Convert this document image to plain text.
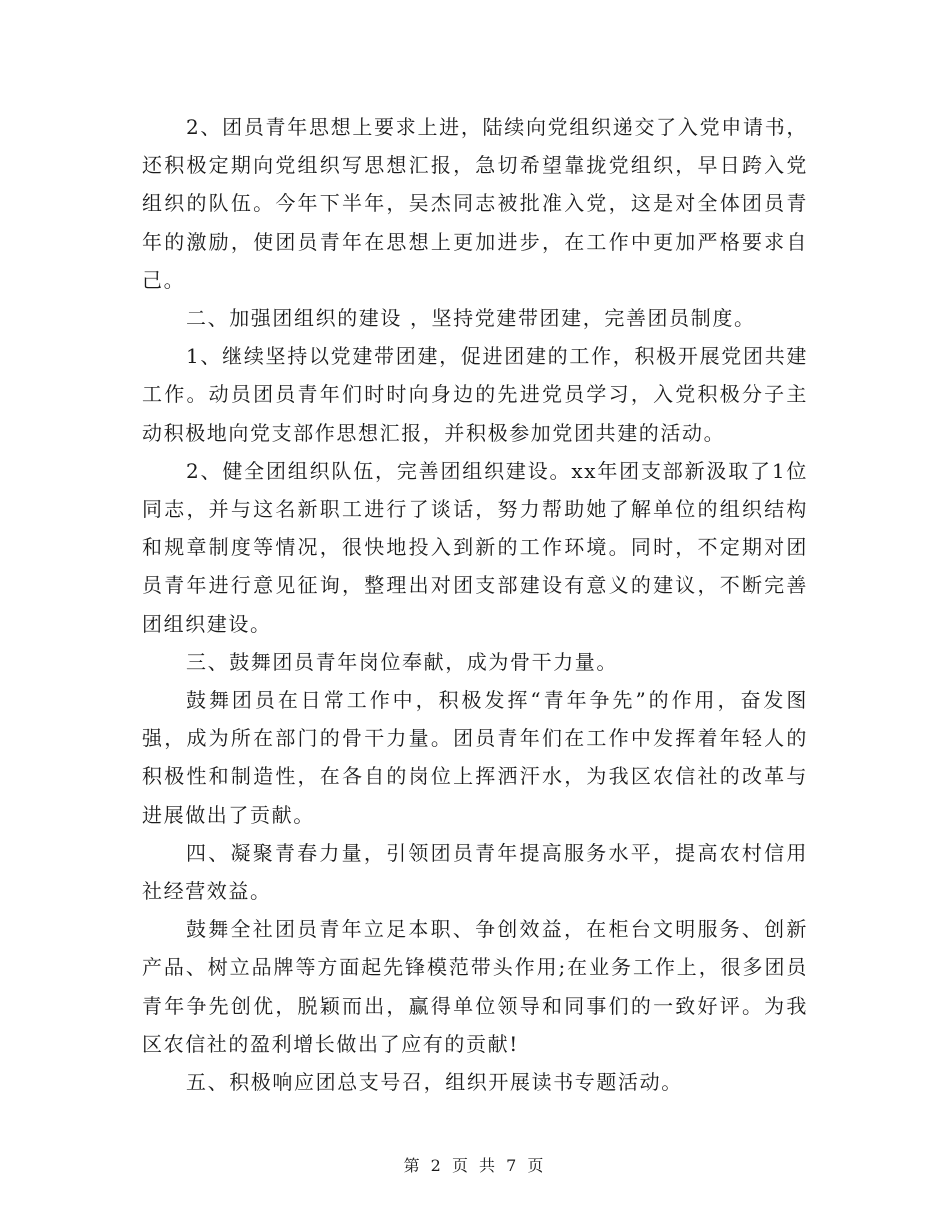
2、团员青年思想上要求上进，陆续向党组织递交了入党申请书，还积极定期向党组织写思想汇报，急切希望靠拢党组织，早日跨入党组织的队伍。今年下半年，吴杰同志被批准入党，这是对全体团员青年的激励，使团员青年在思想上更加进步，在工作中更加严格要求自己。

二、加强团组织的建设 ，坚持党建带团建，完善团员制度。

1、继续坚持以党建带团建，促进团建的工作，积极开展党团共建工作。动员团员青年们时时向身边的先进党员学习，入党积极分子主动积极地向党支部作思想汇报，并积极参加党团共建的活动。

2、健全团组织队伍，完善团组织建设。xx年团支部新汲取了1位同志，并与这名新职工进行了谈话，努力帮助她了解单位的组织结构和规章制度等情况，很快地投入到新的工作环境。同时，不定期对团员青年进行意见征询，整理出对团支部建设有意义的建议，不断完善团组织建设。

三、鼓舞团员青年岗位奉献，成为骨干力量。

鼓舞团员在日常工作中，积极发挥“青年争先”的作用，奋发图强，成为所在部门的骨干力量。团员青年们在工作中发挥着年轻人的积极性和制造性，在各自的岗位上挥洒汗水，为我区农信社的改革与进展做出了贡献。

四、凝聚青春力量，引领团员青年提高服务水平，提高农村信用社经营效益。

鼓舞全社团员青年立足本职、争创效益，在柜台文明服务、创新产品、树立品牌等方面起先锋模范带头作用;在业务工作上，很多团员青年争先创优，脱颖而出，赢得单位领导和同事们的一致好评。为我区农信社的盈利增长做出了应有的贡献!

五、积极响应团总支号召，组织开展读书专题活动。

第 2 页 共 7 页
